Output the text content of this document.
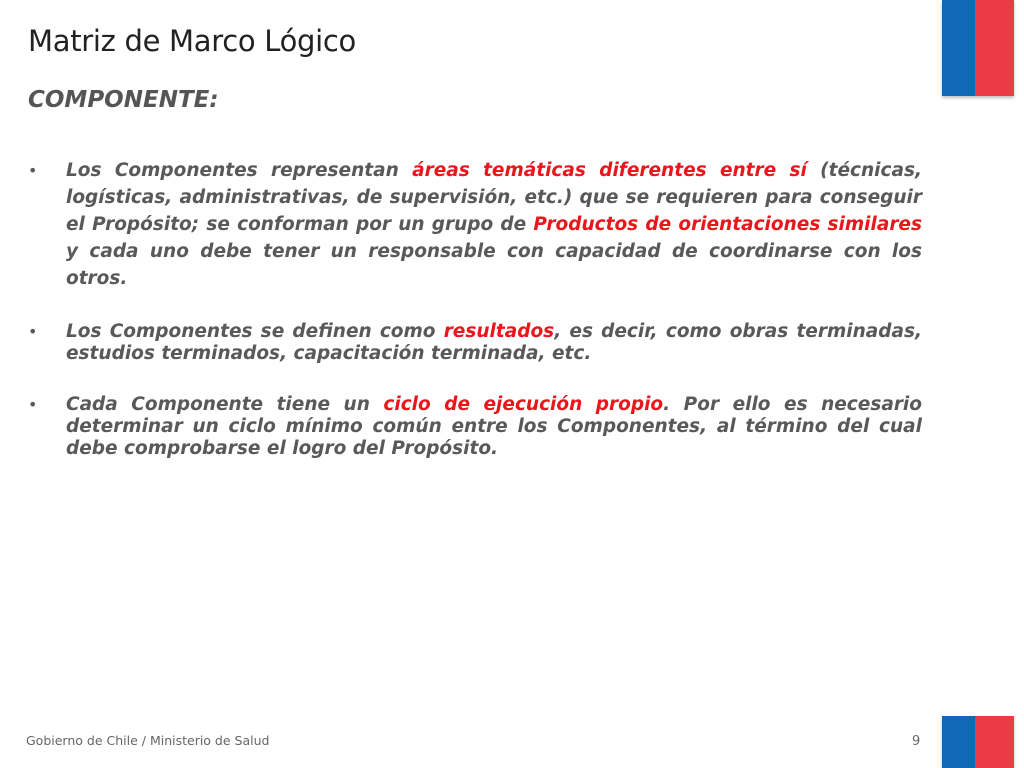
Matriz de Marco Lógico
COMPONENTE:
• Los Componentes representan áreas temáticas diferentes entre sí (técnicas, logísticas, administrativas, de supervisión, etc.) que se requieren para conseguir el Propósito; se conforman por un grupo de Productos de orientaciones similares y cada uno debe tener un responsable con capacidad de coordinarse con los otros.
• Los Componentes se definen como resultados, es decir, como obras terminadas, estudios terminados, capacitación terminada, etc.
• Cada Componente tiene un ciclo de ejecución propio. Por ello es necesario determinar un ciclo mínimo común entre los Componentes, al término del cual debe comprobarse el logro del Propósito.
Gobierno de Chile / Ministerio de Salud	9
